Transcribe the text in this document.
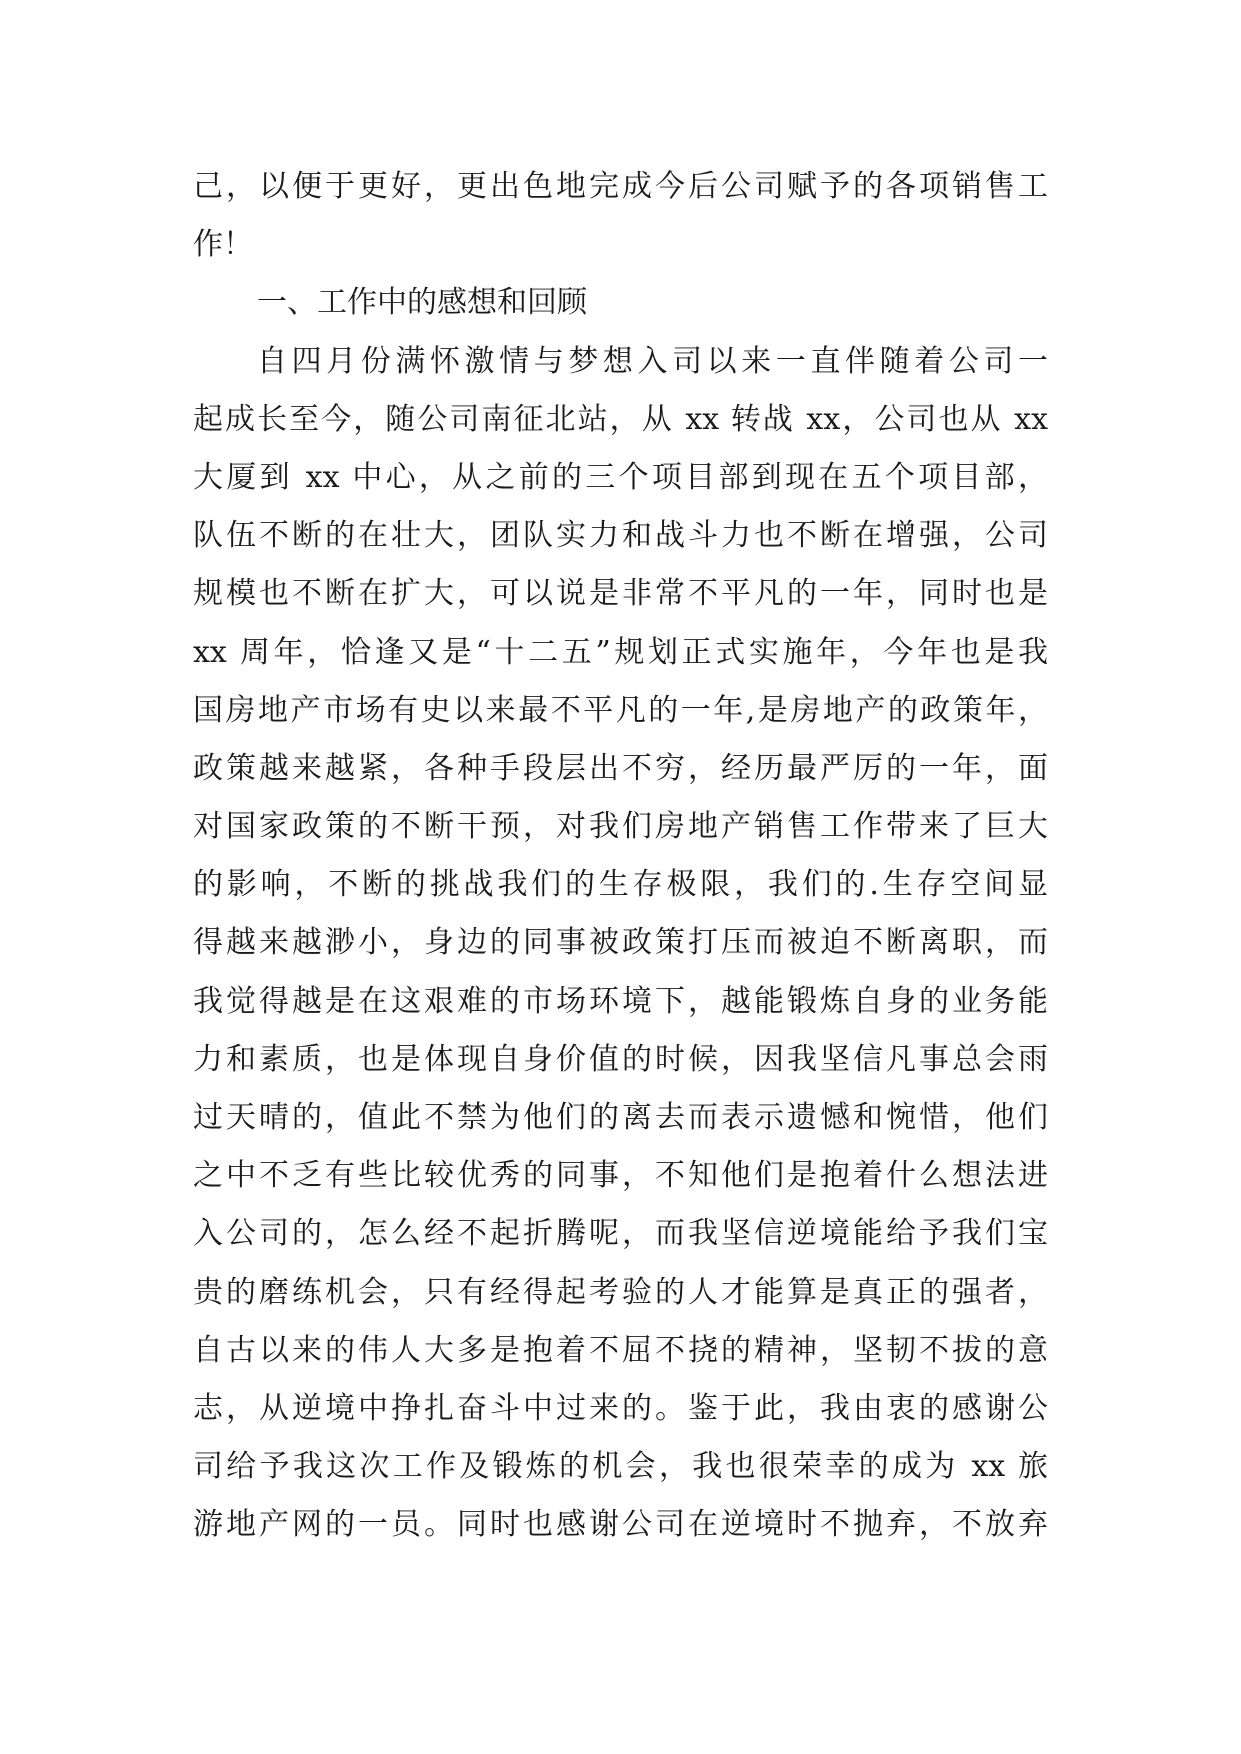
己，以便于更好，更出色地完成今后公司赋予的各项销售工
作！
一、工作中的感想和回顾
自四月份满怀激情与梦想入司以来一直伴随着公司一
起成长至今，随公司南征北站，从 xx 转战 xx，公司也从 xx
大厦到 xx 中心，从之前的三个项目部到现在五个项目部，
队伍不断的在壮大，团队实力和战斗力也不断在增强，公司
规模也不断在扩大，可以说是非常不平凡的一年，同时也是
xx 周年，恰逢又是“十二五”规划正式实施年，今年也是我
国房地产市场有史以来最不平凡的一年,是房地产的政策年，
政策越来越紧，各种手段层出不穷，经历最严厉的一年，面
对国家政策的不断干预，对我们房地产销售工作带来了巨大
的影响，不断的挑战我们的生存极限，我们的.生存空间显
得越来越渺小，身边的同事被政策打压而被迫不断离职，而
我觉得越是在这艰难的市场环境下，越能锻炼自身的业务能
力和素质，也是体现自身价值的时候，因我坚信凡事总会雨
过天晴的，值此不禁为他们的离去而表示遗憾和惋惜，他们
之中不乏有些比较优秀的同事，不知他们是抱着什么想法进
入公司的，怎么经不起折腾呢，而我坚信逆境能给予我们宝
贵的磨练机会，只有经得起考验的人才能算是真正的强者，
自古以来的伟人大多是抱着不屈不挠的精神，坚韧不拔的意
志，从逆境中挣扎奋斗中过来的。鉴于此，我由衷的感谢公
司给予我这次工作及锻炼的机会，我也很荣幸的成为 xx 旅
游地产网的一员。同时也感谢公司在逆境时不抛弃，不放弃
